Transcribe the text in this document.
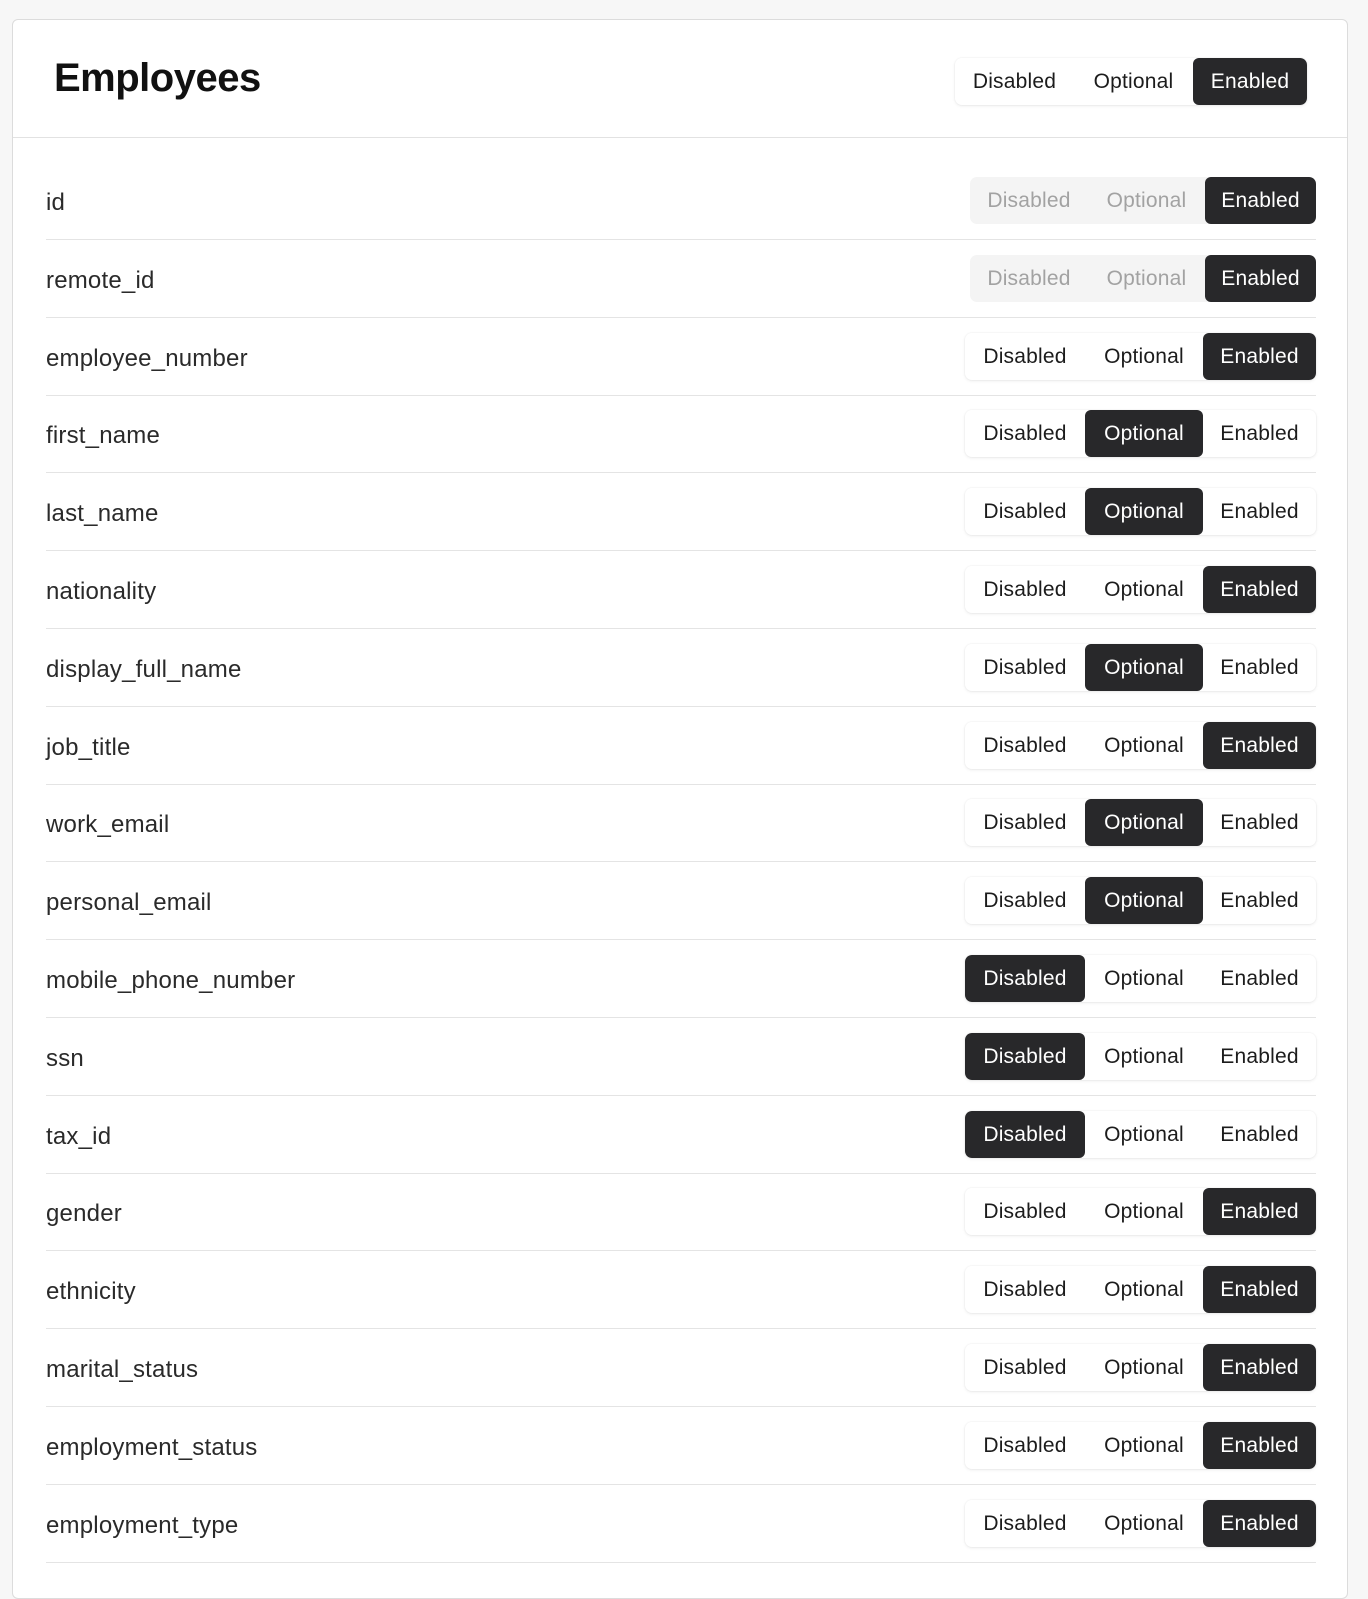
Employees	Disabled	Optional	Enabled
id	Disabled	Optional	Enabled
remote_id	Disabled	Optional	Enabled
employee_number	Disabled	Optional	Enabled
first_name	Disabled	Optional	Enabled
last_name	Disabled	Optional	Enabled
nationality	Disabled	Optional	Enabled
display_full_name	Disabled	Optional	Enabled
job_title	Disabled	Optional	Enabled
work_email	Disabled	Optional	Enabled
personal_email	Disabled	Optional	Enabled
mobile_phone_number	Disabled	Optional	Enabled
ssn	Disabled	Optional	Enabled
tax_id	Disabled	Optional	Enabled
gender	Disabled	Optional	Enabled
ethnicity	Disabled	Optional	Enabled
marital_status	Disabled	Optional	Enabled
employment_status	Disabled	Optional	Enabled
employment_type	Disabled	Optional	Enabled
